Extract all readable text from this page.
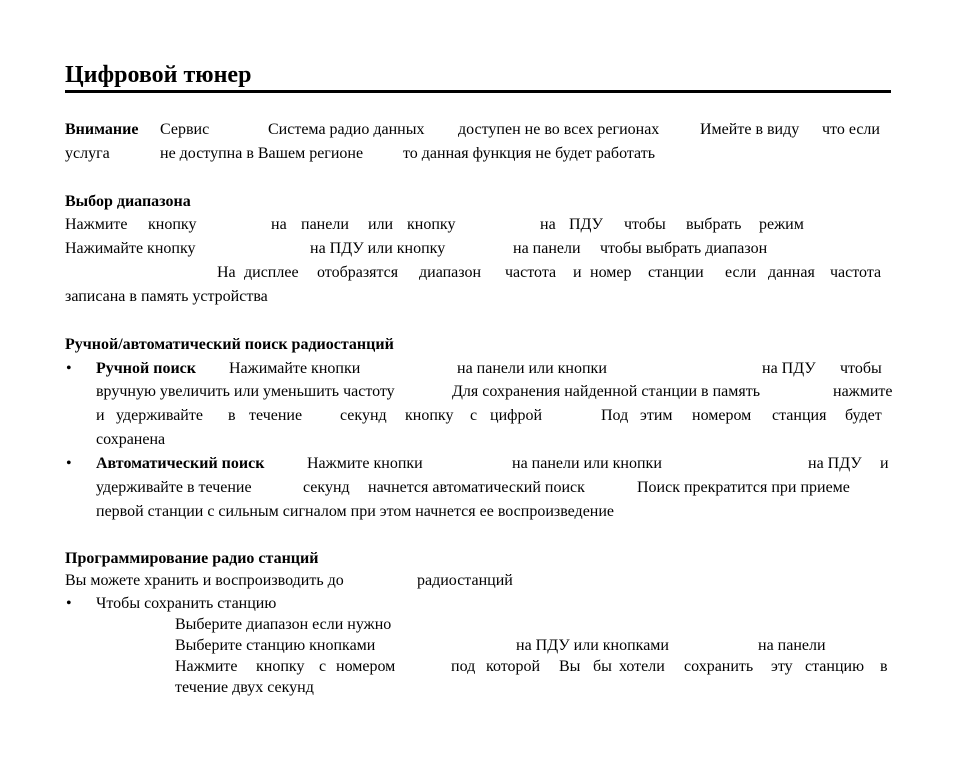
Цифровой тюнер
Внимание Сервис	Система радио данных доступен не во всех регионах	Имейте в виду что если
услуга	не доступна в Вашем регионе то данная функция не будет работать
Выбор диапазона
Нажмите кнопку	на панели или кнопку	на ПДУ чтобы выбрать режим
Нажимайте кнопку	на ПДУ или кнопку	на панели чтобы выбрать диапазон
На дисплее отобразятся диапазон частота и номер станции если данная частота
записана в память устройства
Ручной/автоматический поиск радиостанций
• Ручной поиск Нажимайте кнопки	на панели или кнопки	на ПДУ чтобы
вручную увеличить или уменьшить частоту	Для сохранения найденной станции в память	нажмите
и удерживайте в течение секунд кнопку с цифрой	Под этим номером станция будет
сохранена
• Автоматический поиск	Нажмите кнопки	на панели или кнопки	на ПДУ и
удерживайте в течение	секунд начнется автоматический поиск	Поиск прекратится при приеме
первой станции с сильным сигналом при этом начнется ее воспроизведение
Программирование радио станций
Вы можете хранить и воспроизводить до	радиостанций
• Чтобы сохранить станцию
Выберите диапазон если нужно
Выберите станцию кнопками	на ПДУ или кнопками	на панели
Нажмите кнопку с номером	под которой Вы бы хотели сохранить эту станцию в
течение двух секунд
